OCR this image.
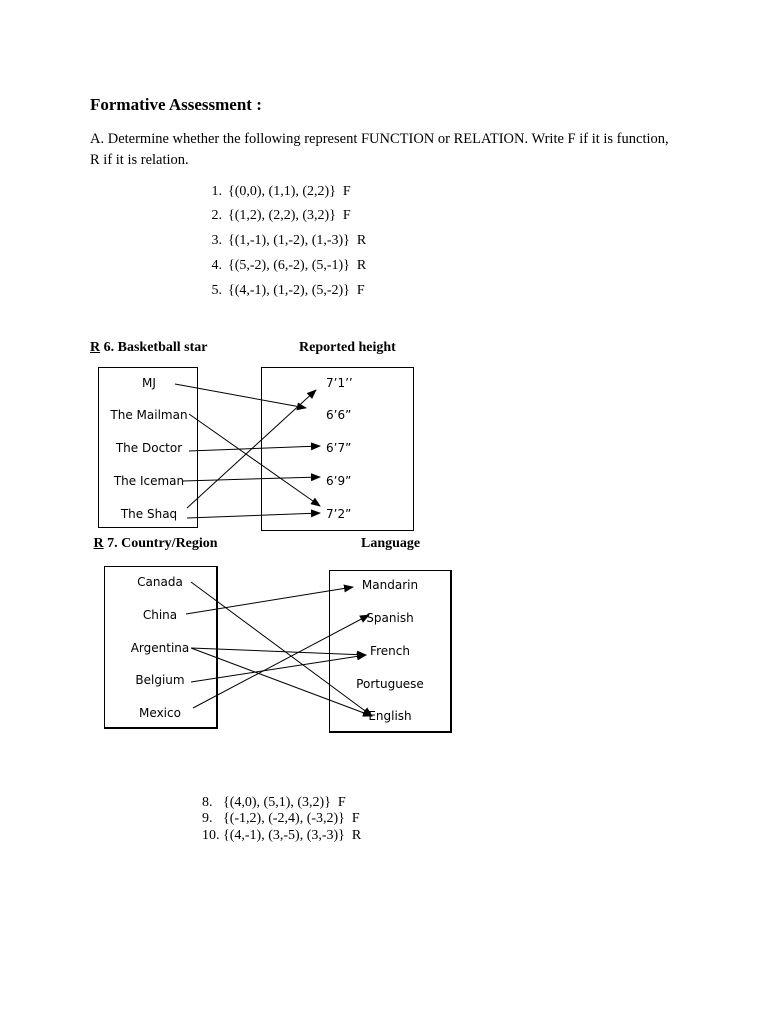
Formative Assessment :
A. Determine whether the following represent FUNCTION or RELATION. Write F if it is function, R if it is relation.
1. {(0,0), (1,1), (2,2)} F
2. {(1,2), (2,2), (3,2)} F
3. {(1,-1), (1,-2), (1,-3)} R
4. {(5,-2), (6,-2), (5,-1)} R
5. {(4,-1), (1,-2), (5,-2)} F
R 6. Basketball star	Reported height
MJ
The Mailman
The Doctor
The Iceman
The Shaq
7’1’’
6’6”
6’7”
6’9”
7’2”
R 7. Country/Region	Language
Canada
China
Argentina
Belgium
Mexico
Mandarin
Spanish
French
Portuguese
English
8.   {(4,0), (5,1), (3,2)} F
9. {(-1,2), (-2,4), (-3,2)} F
10. {(4,-1), (3,-5), (3,-3)} R
